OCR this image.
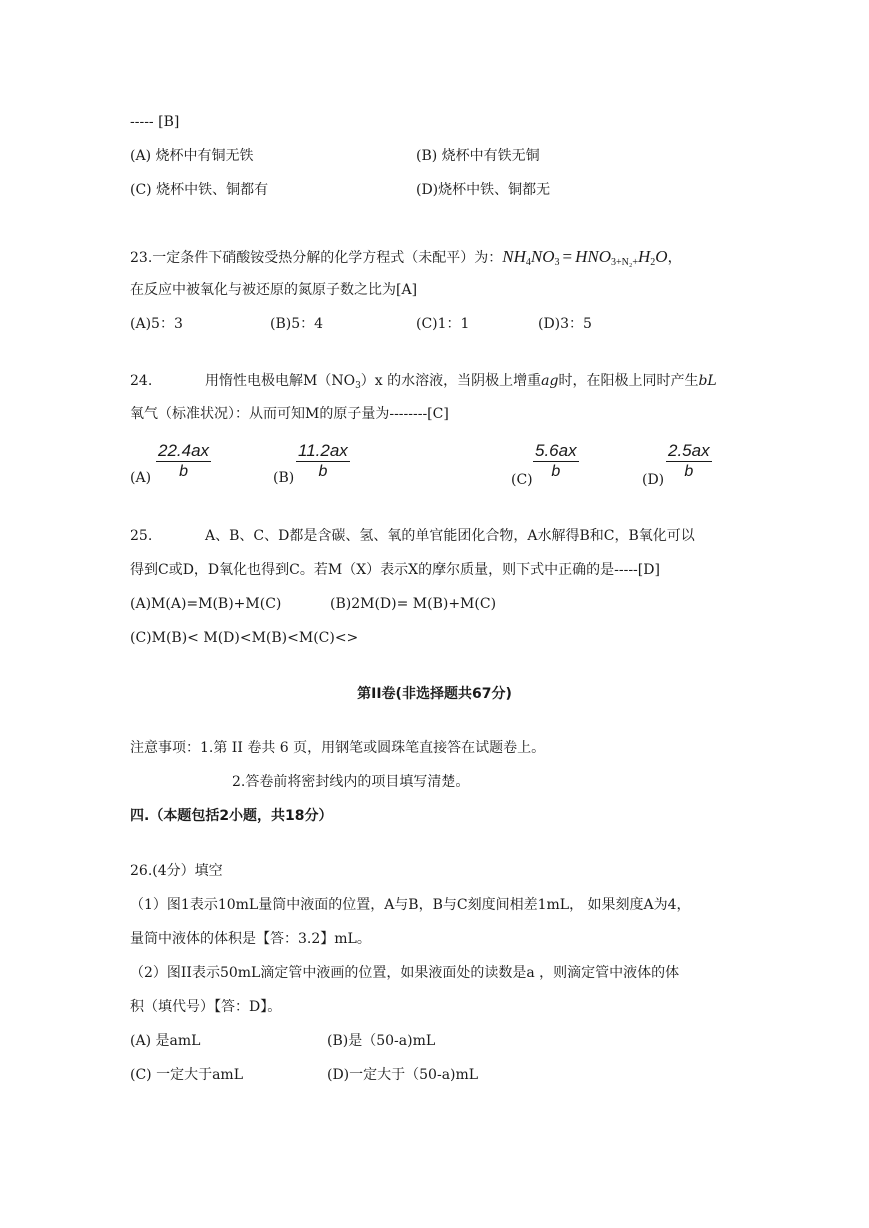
----- [B]
(A) 烧杯中有铜无铁	(B) 烧杯中有铁无铜
(C) 烧杯中铁、铜都有	(D)烧杯中铁、铜都无
23.一定条件下硝酸铵受热分解的化学方程式（未配平）为：$NH_4NO_3 = HNO_{3+N_2+}H_2O$，
在反应中被氧化与被还原的氮原子数之比为[A]
(A)5：3	(B)5：4	(C)1：1	(D)3：5
24.	用惰性电极电解$M(NO_3)x$ 的水溶液，当阴极上增重ag时，在阳极上同时产生bL
氧气（标准状况）：从而可知M的原子量为--------[C]
$(A) \frac{22.4ax}{b}$	$(B) \frac{11.2ax}{b}$	$(C) \frac{5.6ax}{b}$	$(D) \frac{2.5ax}{b}$
25.	A、B、C、D都是含碳、氢、氧的单官能团化合物，A水解得B和C，B氧化可以
得到C或D，D氧化也得到C。若M（X）表示X的摩尔质量，则下式中正确的是-----[D]
(A)M(A)=M(B)+M(C)	(B)2M(D)= M(B)+M(C)
(C)M(B)< M(D)<M(B)<M(C)<>
第II卷(非选择题共67分)
注意事项：1.第 II 卷共 6 页，用钢笔或圆珠笔直接答在试题卷上。
2.答卷前将密封线内的项目填写清楚。
四.（本题包括2小题，共18分）
26.(4分）填空
（1）图1表示10mL量筒中液面的位置，A与B，B与C刻度间相差1mL， 如果刻度A为4，
量筒中液体的体积是【答：3.2】mL。
（2）图II表示50mL滴定管中液画的位置，如果液面处的读数是a ，则滴定管中液体的体
积（填代号）【答：D】。
(A) 是amL	(B)是（50-a)mL
(C) 一定大于amL	(D)一定大于（50-a)mL
